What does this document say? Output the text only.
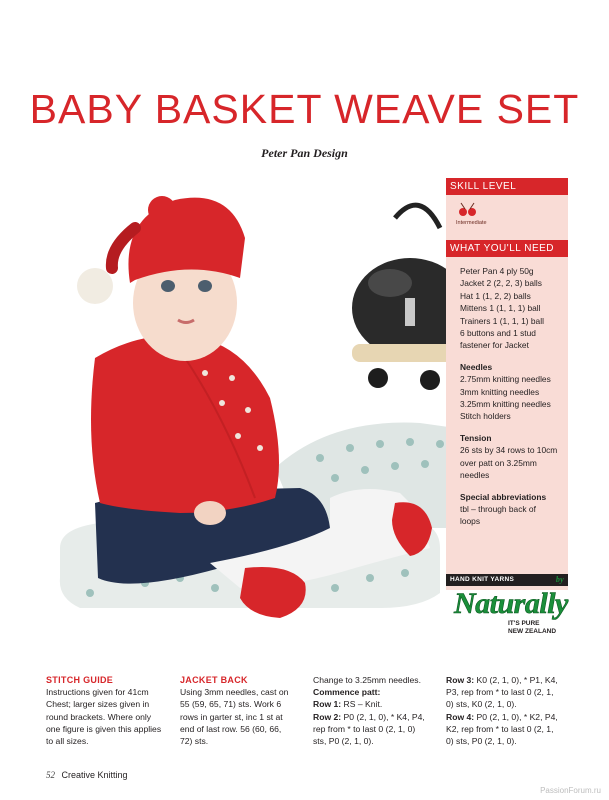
BABY BASKET WEAVE SET
Peter Pan Design
SKILL LEVEL
Intermediate
WHAT YOU'LL NEED
Peter Pan 4 ply 50g
Jacket 2 (2, 2, 3) balls
Hat 1 (1, 2, 2) balls
Mittens 1 (1, 1, 1) ball
Trainers 1 (1, 1, 1) ball
6 buttons and 1 stud
fastener for Jacket
Needles
2.75mm knitting needles
3mm knitting needles
3.25mm knitting needles
Stitch holders
Tension
26 sts by 34 rows to 10cm
over patt on 3.25mm
needles
Special abbreviations
tbl – through back of
loops
HAND KNIT YARNS	by
Naturally
IT'S PURE
NEW ZEALAND
STITCH GUIDE
Instructions given for 41cm
Chest; larger sizes given in
round brackets. Where only
one figure is given this applies
to all sizes.
JACKET BACK
Using 3mm needles, cast on
55 (59, 65, 71) sts. Work 6
rows in garter st, inc 1 st at
end of last row. 56 (60, 66,
72) sts.
Change to 3.25mm needles.
Commence patt:
Row 1: RS – Knit.
Row 2: P0 (2, 1, 0), * K4, P4,
rep from * to last 0 (2, 1, 0)
sts, P0 (2, 1, 0).
Row 3: K0 (2, 1, 0), * P1, K4,
P3, rep from * to last 0 (2, 1,
0) sts, K0 (2, 1, 0).
Row 4: P0 (2, 1, 0), * K2, P4,
K2, rep from * to last 0 (2, 1,
0) sts, P0 (2, 1, 0).
52 Creative Knitting
PassionForum.ru
